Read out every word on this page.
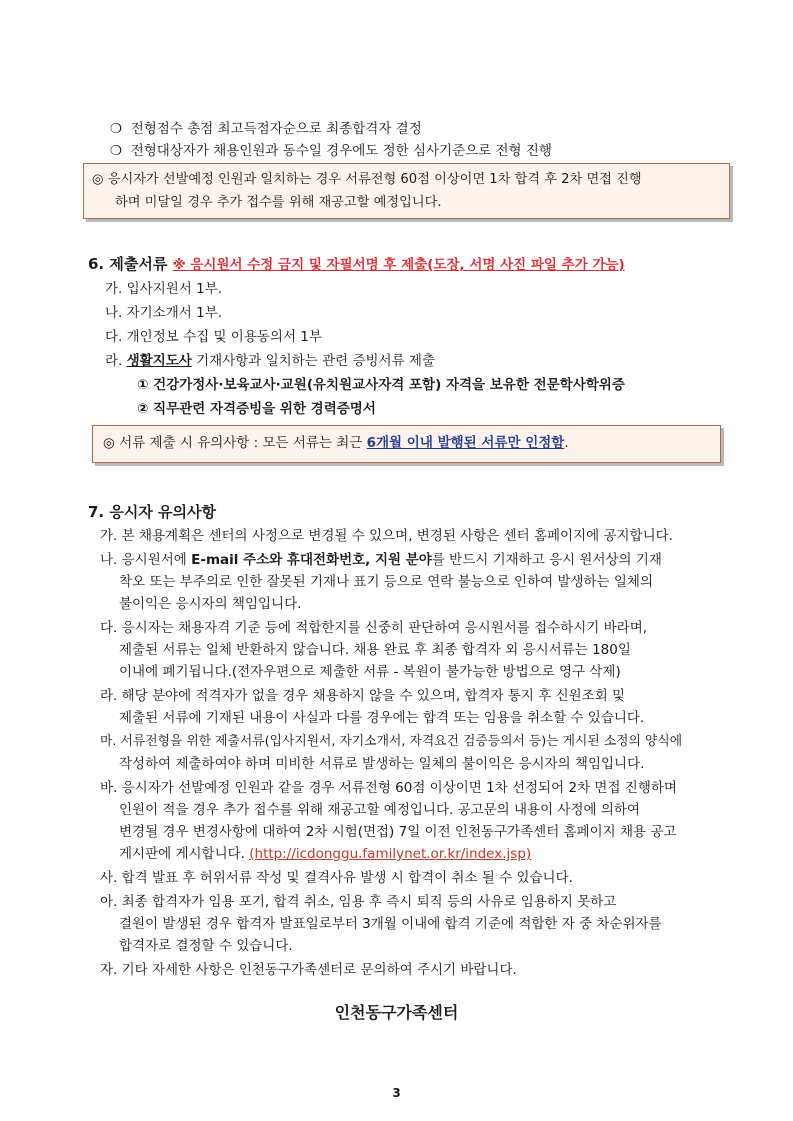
❍ 전형점수 총점 최고득점자순으로 최종합격자 결정
❍ 전형대상자가 채용인원과 동수일 경우에도 정한 심사기준으로 전형 진행
◎ 응시자가 선발예정 인원과 일치하는 경우 서류전형 60점 이상이면 1차 합격 후 2차 면접 진행
하며 미달일 경우 추가 접수를 위해 재공고할 예정입니다.
6. 제출서류 ※ 응시원서 수정 금지 및 자필서명 후 제출(도장, 서명 사진 파일 추가 가능)
가. 입사지원서 1부.
나. 자기소개서 1부.
다. 개인정보 수집 및 이용동의서 1부
라. 생활지도사 기재사항과 일치하는 관련 증빙서류 제출
① 건강가정사·보육교사·교원(유치원교사자격 포함) 자격을 보유한 전문학사학위증
② 직무관련 자격증빙을 위한 경력증명서
◎ 서류 제출 시 유의사항 : 모든 서류는 최근 6개월 이내 발행된 서류만 인정함.
7. 응시자 유의사항
가. 본 채용계획은 센터의 사정으로 변경될 수 있으며, 변경된 사항은 센터 홈페이지에 공지합니다.
나. 응시원서에 E-mail 주소와 휴대전화번호, 지원 분야를 반드시 기재하고 응시 원서상의 기재
착오 또는 부주의로 인한 잘못된 기재나 표기 등으로 연락 불능으로 인하여 발생하는 일체의
불이익은 응시자의 책임입니다.
다. 응시자는 채용자격 기준 등에 적합한지를 신중히 판단하여 응시원서를 접수하시기 바라며,
제출된 서류는 일체 반환하지 않습니다. 채용 완료 후 최종 합격자 외 응시서류는 180일
이내에 폐기됩니다.(전자우편으로 제출한 서류 - 복원이 불가능한 방법으로 영구 삭제)
라. 해당 분야에 적격자가 없을 경우 채용하지 않을 수 있으며, 합격자 통지 후 신원조회 및
제출된 서류에 기재된 내용이 사실과 다를 경우에는 합격 또는 임용을 취소할 수 있습니다.
마. 서류전형을 위한 제출서류(입사지원서, 자기소개서, 자격요건 검증등의서 등)는 게시된 소정의 양식에
작성하여 제출하여야 하며 미비한 서류로 발생하는 일체의 불이익은 응시자의 책임입니다.
바. 응시자가 선발예정 인원과 같을 경우 서류전형 60점 이상이면 1차 선정되어 2차 면접 진행하며
인원이 적을 경우 추가 접수를 위해 재공고할 예정입니다. 공고문의 내용이 사정에 의하여
변경될 경우 변경사항에 대하여 2차 시험(면접) 7일 이전 인천동구가족센터 홈페이지 채용 공고
게시판에 게시합니다. (http://icdonggu.familynet.or.kr/index.jsp)
사. 합격 발표 후 허위서류 작성 및 결격사유 발생 시 합격이 취소 될 수 있습니다.
아. 최종 합격자가 임용 포기, 합격 취소, 임용 후 즉시 퇴직 등의 사유로 임용하지 못하고
결원이 발생된 경우 합격자 발표일로부터 3개월 이내에 합격 기준에 적합한 자 중 차순위자를
합격자로 결정할 수 있습니다.
자. 기타 자세한 사항은 인천동구가족센터로 문의하여 주시기 바랍니다.
인천동구가족센터
3
